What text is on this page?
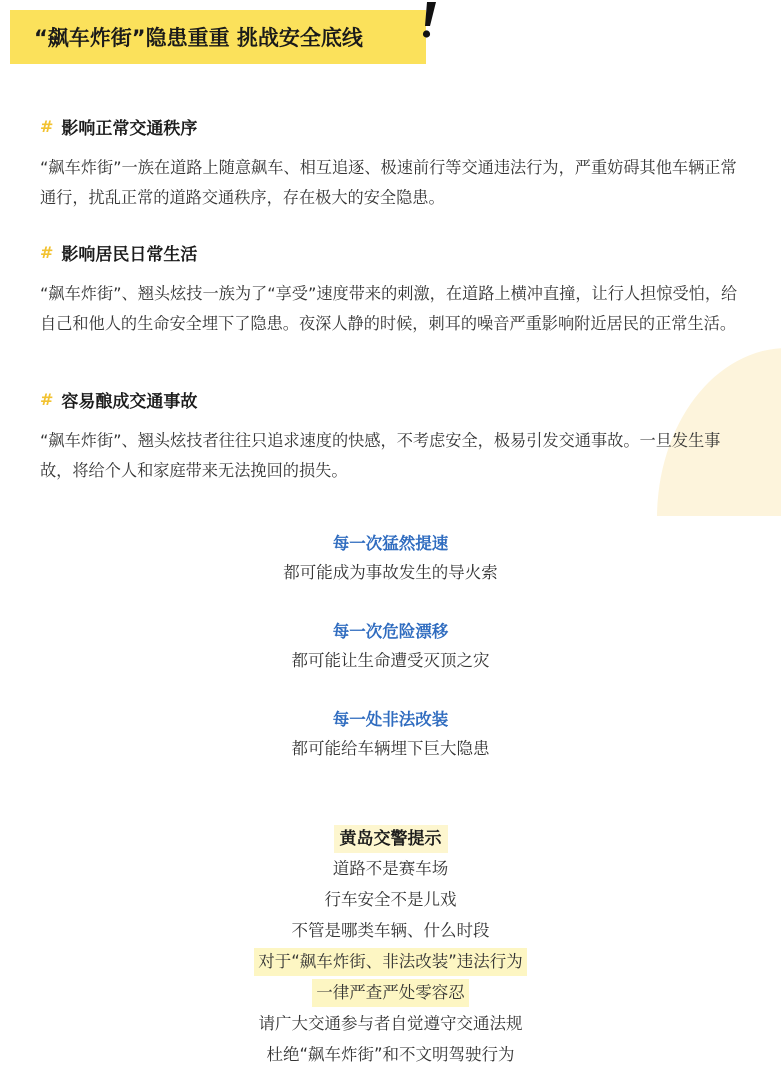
“飙车炸街”隐患重重 挑战安全底线
# 影响正常交通秩序
“飙车炸街”一族在道路上随意飙车、相互追逐、极速前行等交通违法行为，严重妨碍其他车辆正常通行，扰乱正常的道路交通秩序，存在极大的安全隐患。
# 影响居民日常生活
“飙车炸街”、翘头炫技一族为了“享受”速度带来的刺激，在道路上横冲直撞，让行人担惊受怕，给自己和他人的生命安全埋下了隐患。夜深人静的时候，刺耳的噪音严重影响附近居民的正常生活。
# 容易酿成交通事故
“飙车炸街”、翘头炫技者往往只追求速度的快感，不考虑安全，极易引发交通事故。一旦发生事故，将给个人和家庭带来无法挽回的损失。
每一次猛然提速
都可能成为事故发生的导火索
每一次危险漂移
都可能让生命遭受灭顶之灾
每一处非法改装
都可能给车辆埋下巨大隐患
黄岛交警提示
道路不是赛车场
行车安全不是儿戏
不管是哪类车辆、什么时段
对于“飙车炸街、非法改装”违法行为
一律严查严处零容忍
请广大交通参与者自觉遵守交通法规
杜绝“飙车炸街”和不文明驾驶行为
